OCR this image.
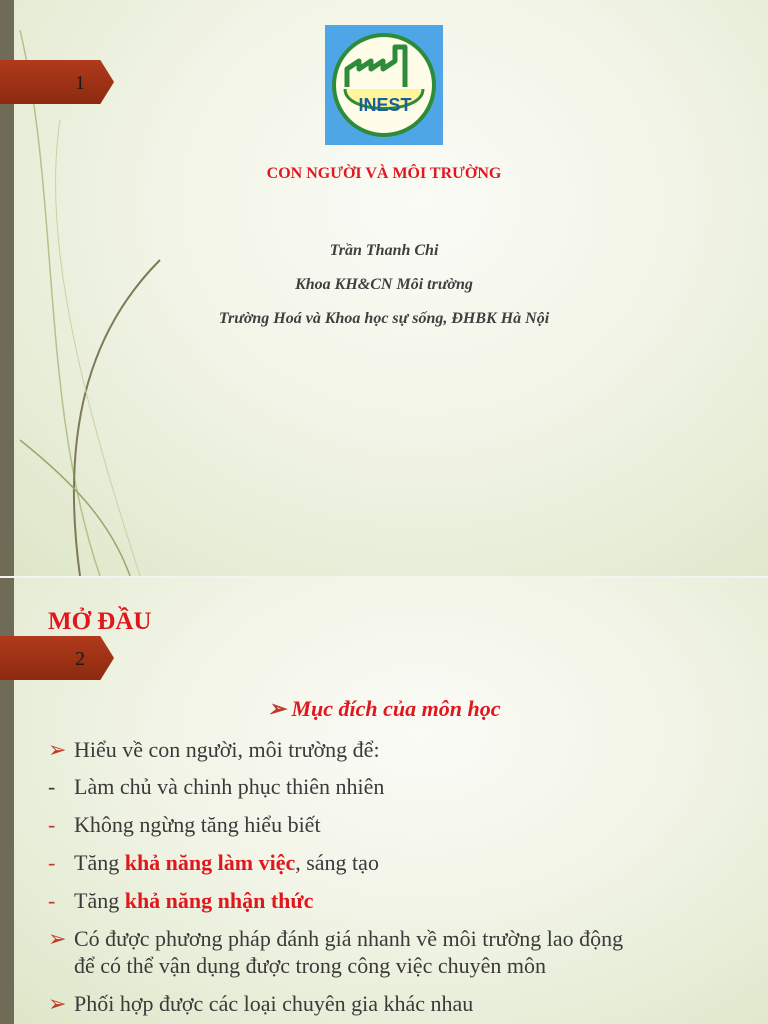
1
INEST
CON NGƯỜI VÀ MÔI TRƯỜNG
Trần Thanh Chi
Khoa KH&CN Môi trường
Trường Hoá và Khoa học sự sống, ĐHBK Hà Nội
2
MỞ ĐẦU
➢ Mục đích của môn học
➢ Hiểu về con người, môi trường để:
- Làm chủ và chinh phục thiên nhiên
- Không ngừng tăng hiểu biết
- Tăng khả năng làm việc, sáng tạo
- Tăng khả năng nhận thức
➢ Có được phương pháp đánh giá nhanh về môi trường lao động
để có thể vận dụng được trong công việc chuyên môn
➢ Phối hợp được các loại chuyên gia khác nhau
